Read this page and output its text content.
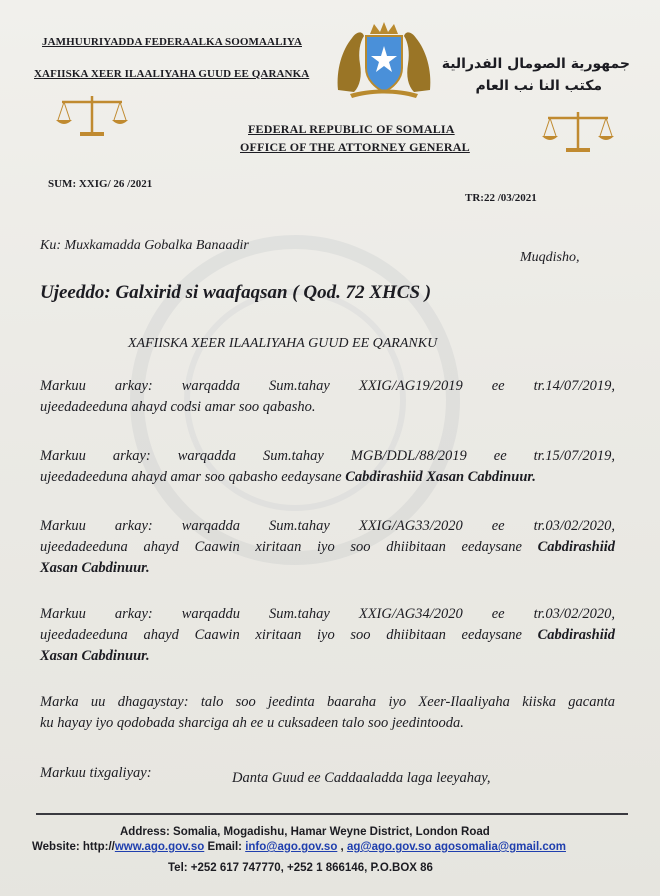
JAMHUURIYADDA FEDERAALKA SOOMAALIYA
XAFIISKA XEER ILAALIYAHA GUUD EE QARANKA
جمهورية الصومال الفدرالية
مكتب النا نب العام
FEDERAL REPUBLIC OF SOMALIA
OFFICE OF THE ATTORNEY GENERAL
SUM: XXIG/ 26 /2021
TR:22 /03/2021
Ku: Muxkamadda Gobalka Banaadir
Muqdisho,
Ujeeddo: Galxirid si waafaqsan ( Qod. 72 XHCS )
XAFIISKA XEER ILAALIYAHA GUUD EE QARANKU
Markuu arkay: warqadda Sum.tahay XXIG/AG19/2019 ee tr.14/07/2019,
ujeedadeeduna ahayd codsi amar soo qabasho.
Markuu arkay: warqadda Sum.tahay MGB/DDL/88/2019 ee tr.15/07/2019,
ujeedadeeduna ahayd amar soo qabasho eedaysane Cabdirashiid Xasan Cabdinuur.
Markuu arkay: warqadda Sum.tahay XXIG/AG33/2020 ee tr.03/02/2020,
ujeedadeeduna ahayd Caawin xiritaan iyo soo dhiibitaan eedaysane Cabdirashiid
Xasan Cabdinuur.
Markuu arkay: warqaddu Sum.tahay XXIG/AG34/2020 ee tr.03/02/2020,
ujeedadeeduna ahayd Caawin xiritaan iyo soo dhiibitaan eedaysane Cabdirashiid
Xasan Cabdinuur.
Marka uu dhagaystay: talo soo jeedinta baaraha iyo Xeer-Ilaaliyaha kiiska gacanta
ku hayay iyo qodobada sharciga ah ee u cuksadeen talo soo jeedintooda.
Markuu tixgaliyay:	Danta Guud ee Caddaaladda laga leeyahay,
Address: Somalia, Mogadishu, Hamar Weyne District, London Road
Website: http://www.ago.gov.so Email: info@ago.gov.so , ag@ago.gov.so agosomalia@gmail.com
Tel: +252 617 747770, +252 1 866146, P.O.BOX 86
